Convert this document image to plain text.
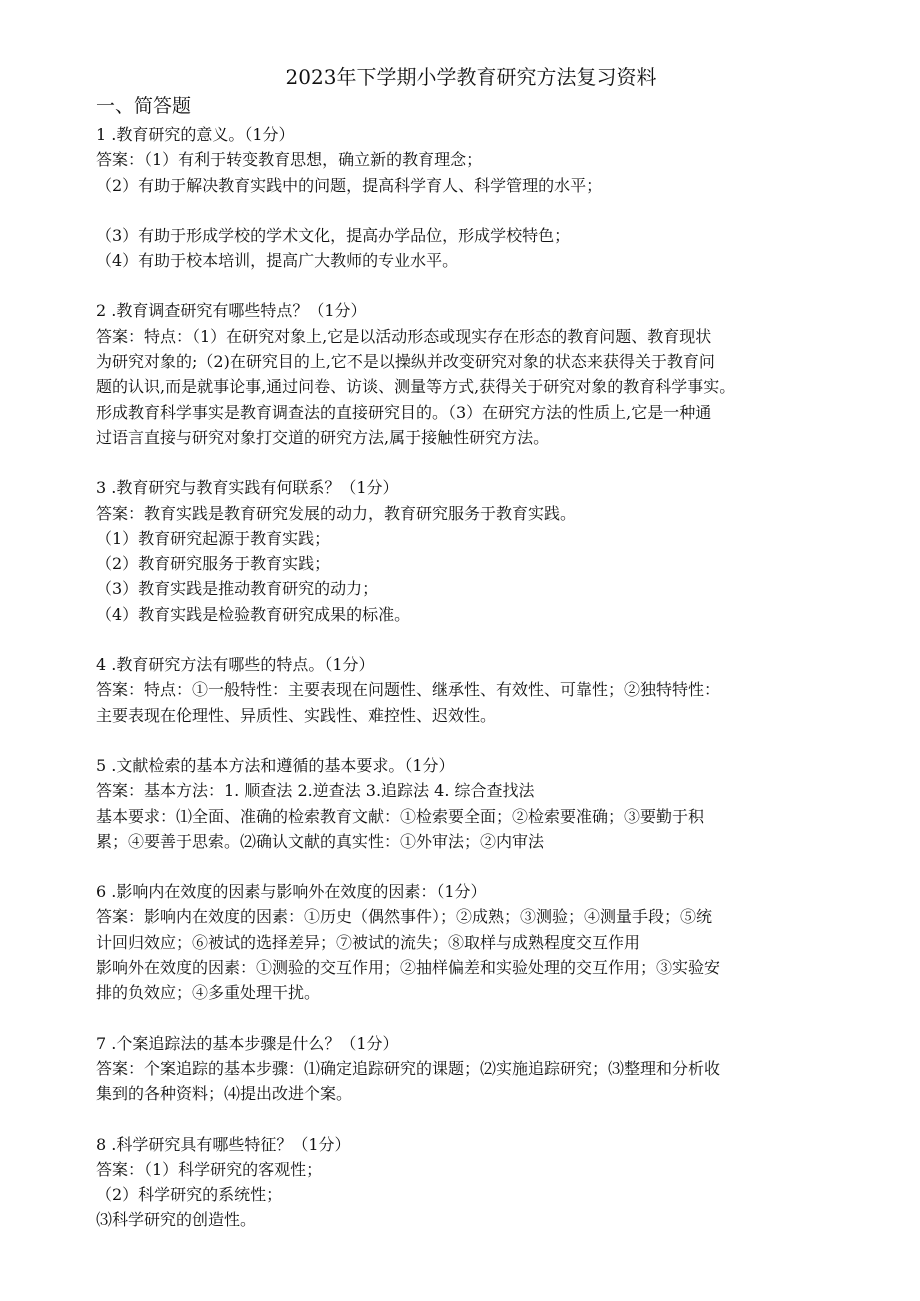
2023年下学期小学教育研究方法复习资料
一、简答题
1 .教育研究的意义。（1分）
答案：（1）有利于转变教育思想，确立新的教育理念；
（2）有助于解决教育实践中的问题，提高科学育人、科学管理的水平；
（3）有助于形成学校的学术文化，提高办学品位，形成学校特色；
（4）有助于校本培训，提高广大教师的专业水平。
2 .教育调查研究有哪些特点？（1分）
答案：特点：（1）在研究对象上,它是以活动形态或现实存在形态的教育问题、教育现状
为研究对象的;（2)在研究目的上,它不是以操纵并改变研究对象的状态来获得关于教育问
题的认识,而是就事论事,通过问卷、访谈、测量等方式,获得关于研究对象的教育科学事实。
形成教育科学事实是教育调查法的直接研究目的。（3）在研究方法的性质上,它是一种通
过语言直接与研究对象打交道的研究方法,属于接触性研究方法。
3 .教育研究与教育实践有何联系？（1分）
答案：教育实践是教育研究发展的动力，教育研究服务于教育实践。
（1）教育研究起源于教育实践；
（2）教育研究服务于教育实践；
（3）教育实践是推动教育研究的动力；
（4）教育实践是检验教育研究成果的标准。
4 .教育研究方法有哪些的特点。（1分）
答案：特点：①一般特性：主要表现在问题性、继承性、有效性、可靠性；②独特特性：
主要表现在伦理性、异质性、实践性、难控性、迟效性。
5 .文献检索的基本方法和遵循的基本要求。（1分）
答案：基本方法：1. 顺查法 2.逆查法 3.追踪法 4. 综合查找法
基本要求：⑴全面、准确的检索教育文献：①检索要全面；②检索要准确；③要勤于积
累；④要善于思索。⑵确认文献的真实性：①外审法；②内审法
6 .影响内在效度的因素与影响外在效度的因素：（1分）
答案：影响内在效度的因素：①历史（偶然事件）；②成熟；③测验；④测量手段；⑤统
计回归效应；⑥被试的选择差异；⑦被试的流失；⑧取样与成熟程度交互作用
影响外在效度的因素：①测验的交互作用；②抽样偏差和实验处理的交互作用；③实验安
排的负效应；④多重处理干扰。
7 .个案追踪法的基本步骤是什么？（1分）
答案：个案追踪的基本步骤：⑴确定追踪研究的课题；⑵实施追踪研究；⑶整理和分析收
集到的各种资料；⑷提出改进个案。
8 .科学研究具有哪些特征？（1分）
答案：（1）科学研究的客观性；
（2）科学研究的系统性；
⑶科学研究的创造性。
